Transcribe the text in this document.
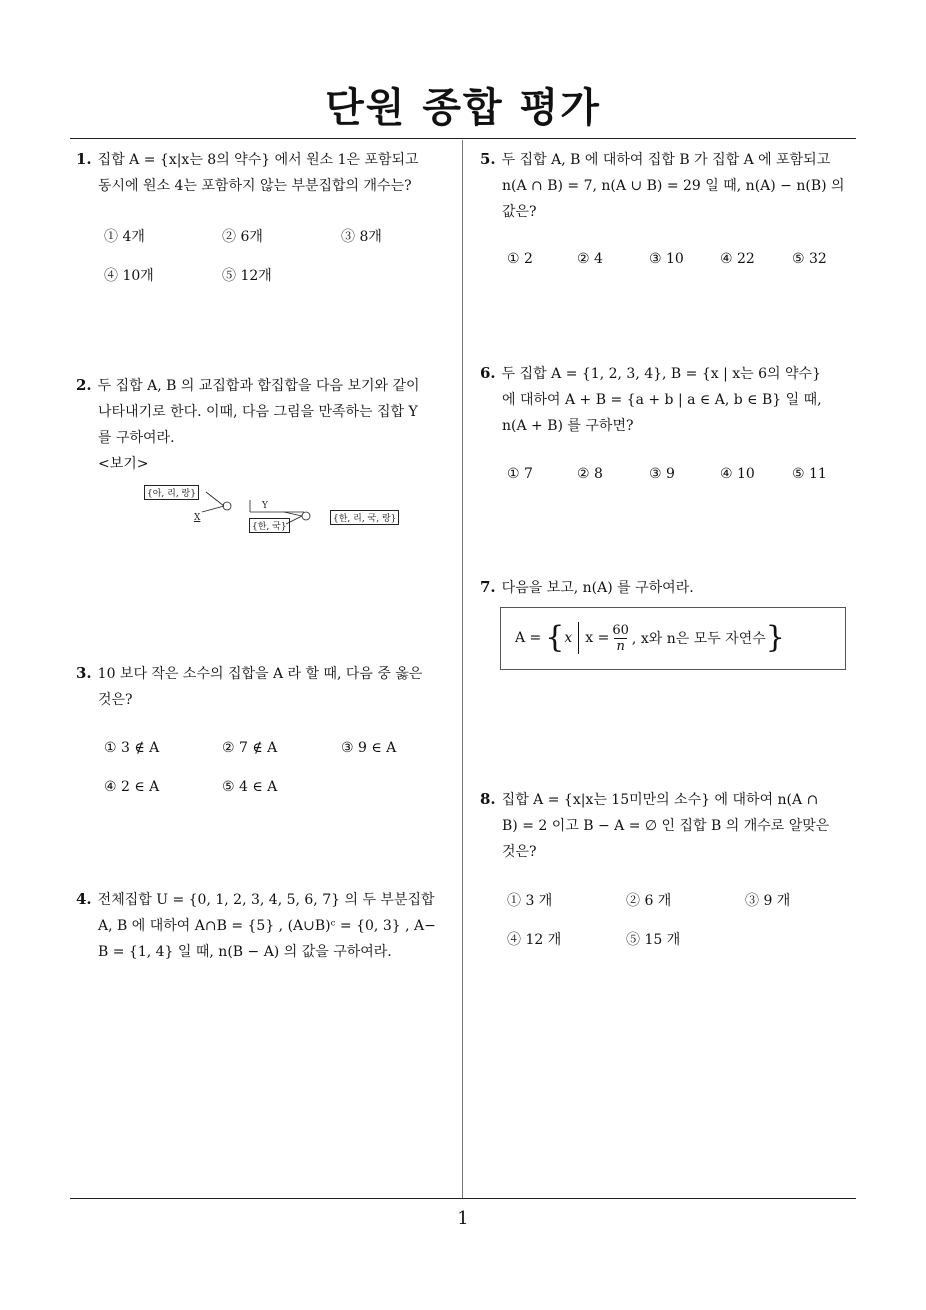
단원 종합 평가
1
1. 집합 A = {x|x는 8의 약수} 에서 원소 1은 포함되고
동시에 원소 4는 포함하지 않는 부분집합의 개수는?
① 4개	② 6개	③ 8개
④ 10개	⑤ 12개
2. 두 집합 A, B 의 교집합과 합집합을 다음 보기와 같이
나타내기로 한다. 이때, 다음 그림을 만족하는 집합 Y
를 구하여라.
<보기>
{아, 리, 랑}
X
Y
{한, 국}
{한, 리, 국, 랑}
3. 10 보다 작은 소수의 집합을 A 라 할 때, 다음 중 옳은
것은?
① 3 ∉ A	② 7 ∉ A	③ 9 ∈ A
④ 2 ∈ A	⑤ 4 ∈ A
4. 전체집합 U = {0, 1, 2, 3, 4, 5, 6, 7} 의 두 부분집합
A, B 에 대하여 A∩B = {5} , (A∪B)ᶜ = {0, 3} , A−
B = {1, 4} 일 때, n(B − A) 의 값을 구하여라.
5. 두 집합 A, B 에 대하여 집합 B 가 집합 A 에 포함되고
n(A ∩ B) = 7, n(A ∪ B) = 29 일 때, n(A) − n(B) 의
값은?
① 2	② 4	③ 10	④ 22	⑤ 32
6. 두 집합 A = {1, 2, 3, 4}, B = {x | x는 6의 약수}
에 대하여 A + B = {a + b | a ∈ A, b ∈ B} 일 때,
n(A + B) 를 구하면?
① 7	② 8	③ 9	④ 10	⑤ 11
7. 다음을 보고, n(A) 를 구하여라.
A = { x $x = \frac{60}{n}$ , x와 n은 모두 자연수 }
8. 집합 A = {x|x는 15미만의 소수} 에 대하여 n(A ∩
B) = 2 이고 B − A = ∅ 인 집합 B 의 개수로 알맞은
것은?
① 3 개	② 6 개	③ 9 개
④ 12 개	⑤ 15 개
